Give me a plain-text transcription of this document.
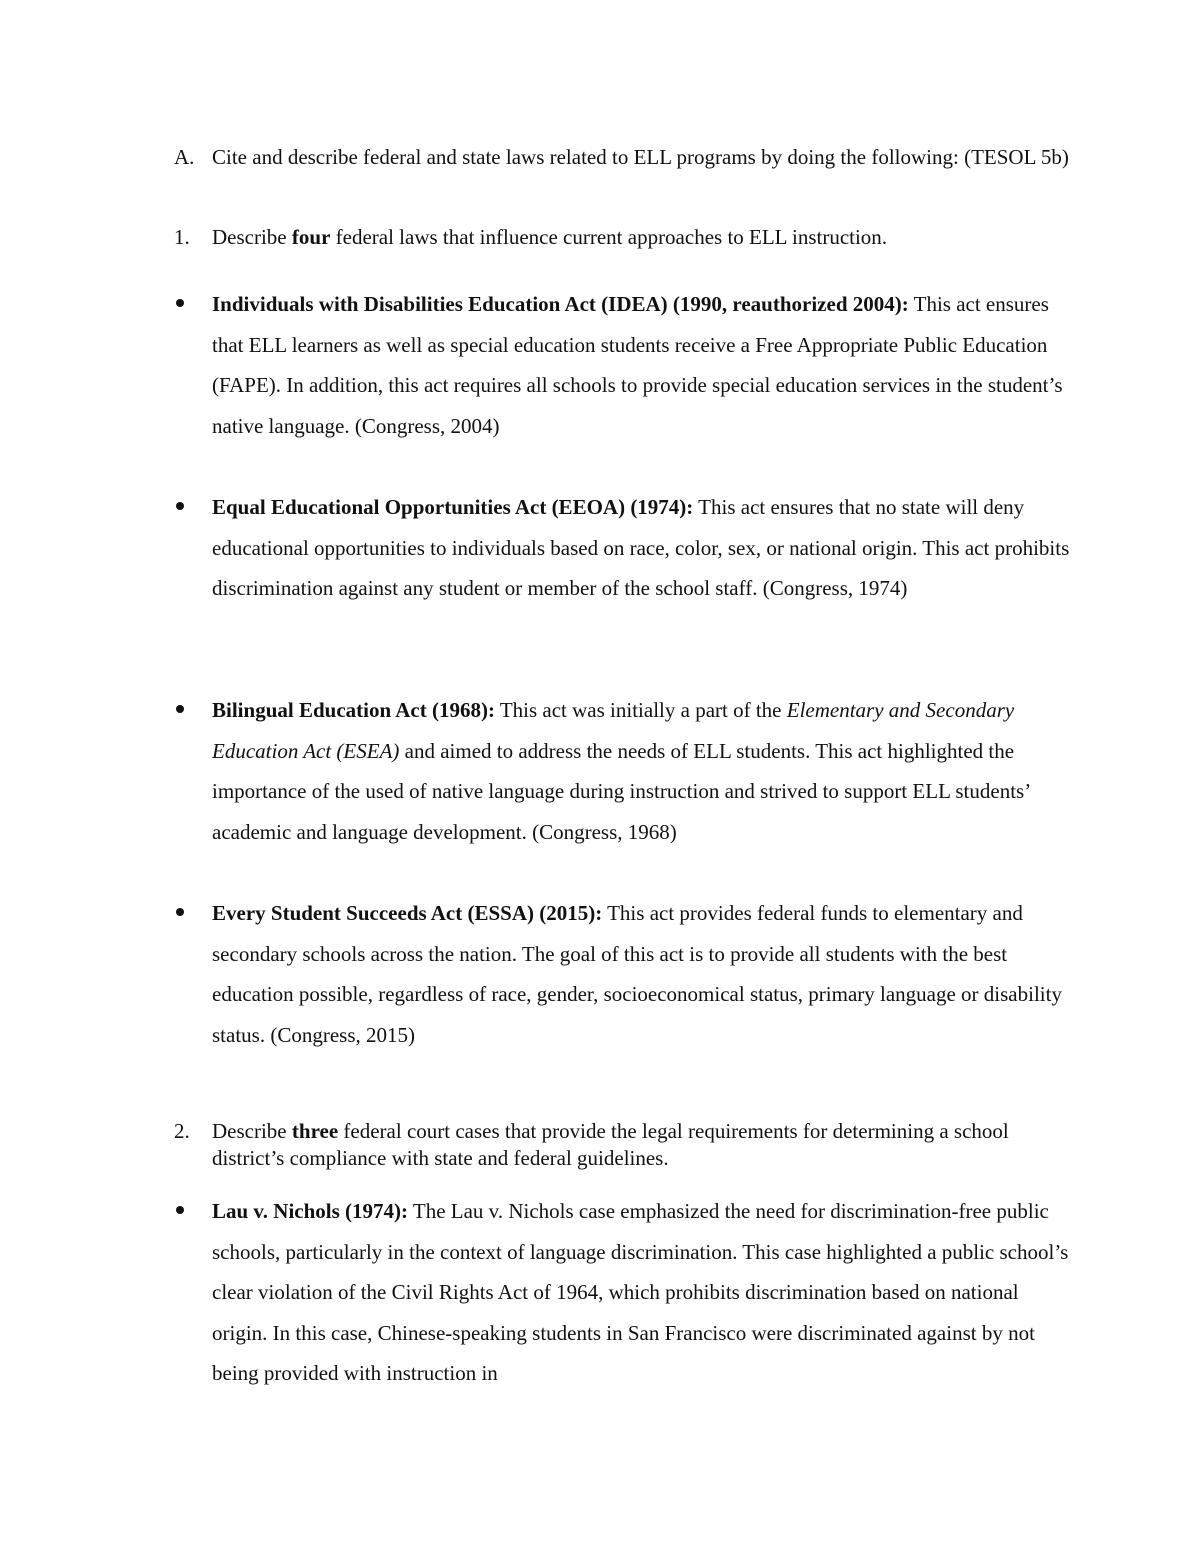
A. Cite and describe federal and state laws related to ELL programs by doing the following: (TESOL 5b)
1. Describe four federal laws that influence current approaches to ELL instruction.
Individuals with Disabilities Education Act (IDEA) (1990, reauthorized 2004): This act ensures that ELL learners as well as special education students receive a Free Appropriate Public Education (FAPE). In addition, this act requires all schools to provide special education services in the student’s native language. (Congress, 2004)
Equal Educational Opportunities Act (EEOA) (1974): This act ensures that no state will deny educational opportunities to individuals based on race, color, sex, or national origin. This act prohibits discrimination against any student or member of the school staff. (Congress, 1974)
Bilingual Education Act (1968): This act was initially a part of the Elementary and Secondary Education Act (ESEA) and aimed to address the needs of ELL students. This act highlighted the importance of the used of native language during instruction and strived to support ELL students’ academic and language development. (Congress, 1968)
Every Student Succeeds Act (ESSA) (2015): This act provides federal funds to elementary and secondary schools across the nation. The goal of this act is to provide all students with the best education possible, regardless of race, gender, socioeconomical status, primary language or disability status. (Congress, 2015)
2. Describe three federal court cases that provide the legal requirements for determining a school district’s compliance with state and federal guidelines.
Lau v. Nichols (1974): The Lau v. Nichols case emphasized the need for discrimination-free public schools, particularly in the context of language discrimination. This case highlighted a public school’s clear violation of the Civil Rights Act of 1964, which prohibits discrimination based on national origin. In this case, Chinese-speaking students in San Francisco were discriminated against by not being provided with instruction in
